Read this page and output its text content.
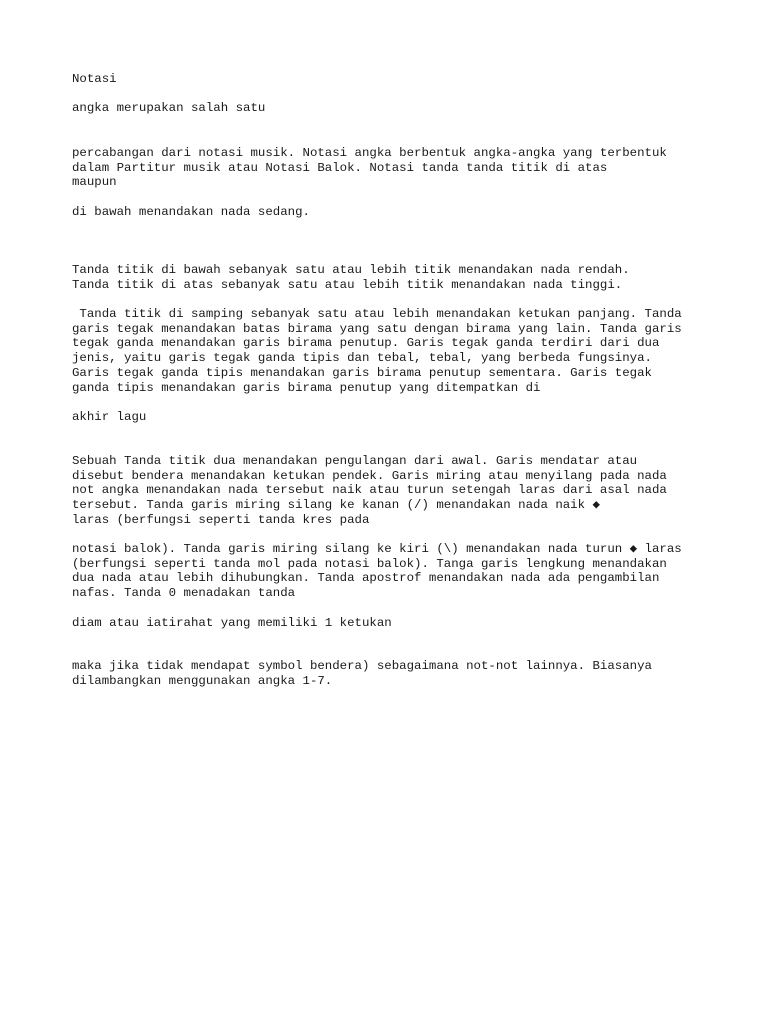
Notasi

angka merupakan salah satu

percabangan dari notasi musik. Notasi angka berbentuk angka-angka yang terbentuk
dalam Partitur musik atau Notasi Balok. Notasi tanda tanda titik di atas
maupun

di bawah menandakan nada sedang.

Tanda titik di bawah sebanyak satu atau lebih titik menandakan nada rendah.
Tanda titik di atas sebanyak satu atau lebih titik menandakan nada tinggi.

Tanda titik di samping sebanyak satu atau lebih menandakan ketukan panjang. Tanda
garis tegak menandakan batas birama yang satu dengan birama yang lain. Tanda garis
tegak ganda menandakan garis birama penutup. Garis tegak ganda terdiri dari dua
jenis, yaitu garis tegak ganda tipis dan tebal, tebal, yang berbeda fungsinya.
Garis tegak ganda tipis menandakan garis birama penutup sementara. Garis tegak
ganda tipis menandakan garis birama penutup yang ditempatkan di

akhir lagu

Sebuah Tanda titik dua menandakan pengulangan dari awal. Garis mendatar atau
disebut bendera menandakan ketukan pendek. Garis miring atau menyilang pada nada
not angka menandakan nada tersebut naik atau turun setengah laras dari asal nada
tersebut. Tanda garis miring silang ke kanan (/) menandakan nada naik ◆
laras (berfungsi seperti tanda kres pada

notasi balok). Tanda garis miring silang ke kiri (\) menandakan nada turun ◆ laras
(berfungsi seperti tanda mol pada notasi balok). Tanga garis lengkung menandakan
dua nada atau lebih dihubungkan. Tanda apostrof menandakan nada ada pengambilan
nafas. Tanda 0 menadakan tanda

diam atau iatirahat yang memiliki 1 ketukan

maka jika tidak mendapat symbol bendera) sebagaimana not-not lainnya. Biasanya
dilambangkan menggunakan angka 1-7.
